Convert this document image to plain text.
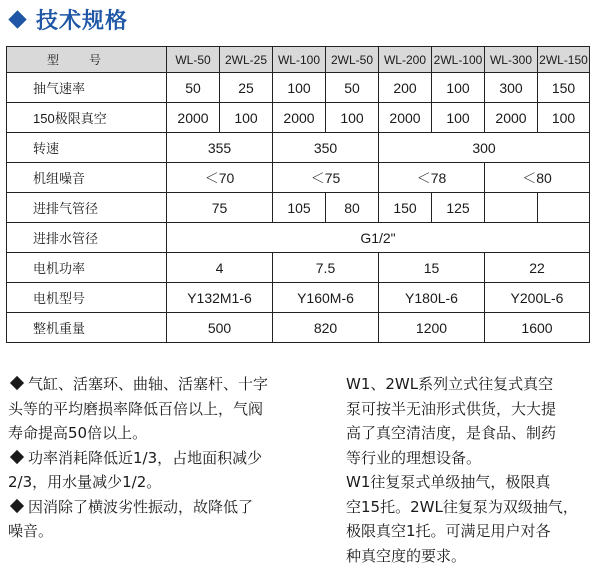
技术规格
型　　号	WL-50	2WL-25	WL-100	2WL-50	WL-200	2WL-100	WL-300	2WL-150
抽气速率	50	25	100	50	200	100	300	150
150极限真空	2000	100	2000	100	2000	100	2000	100
转速	355		350		300			
机组噪音	＜70		＜75		＜78		＜80	
进排气管径	75		105	80	150	125		
进排水管径	G1/2"							
电机功率	4		7.5		15		22	
电机型号	Y132M1-6		Y160M-6		Y180L-6		Y200L-6	
整机重量	500		820		1200		1600	
气缸、活塞环、曲轴、活塞杆、十字
头等的平均磨损率降低百倍以上，气阀
寿命提高50倍以上。
功率消耗降低近1/3，占地面积减少
2/3，用水量减少1/2。
因消除了横波劣性振动，故降低了
噪音。
W1、2WL系列立式往复式真空
泵可按半无油形式供货，大大提
高了真空清洁度，是食品、制药
等行业的理想设备。
W1往复泵式单级抽气，极限真
空15托。2WL往复泵为双级抽气，
极限真空1托。可满足用户对各
种真空度的要求。
